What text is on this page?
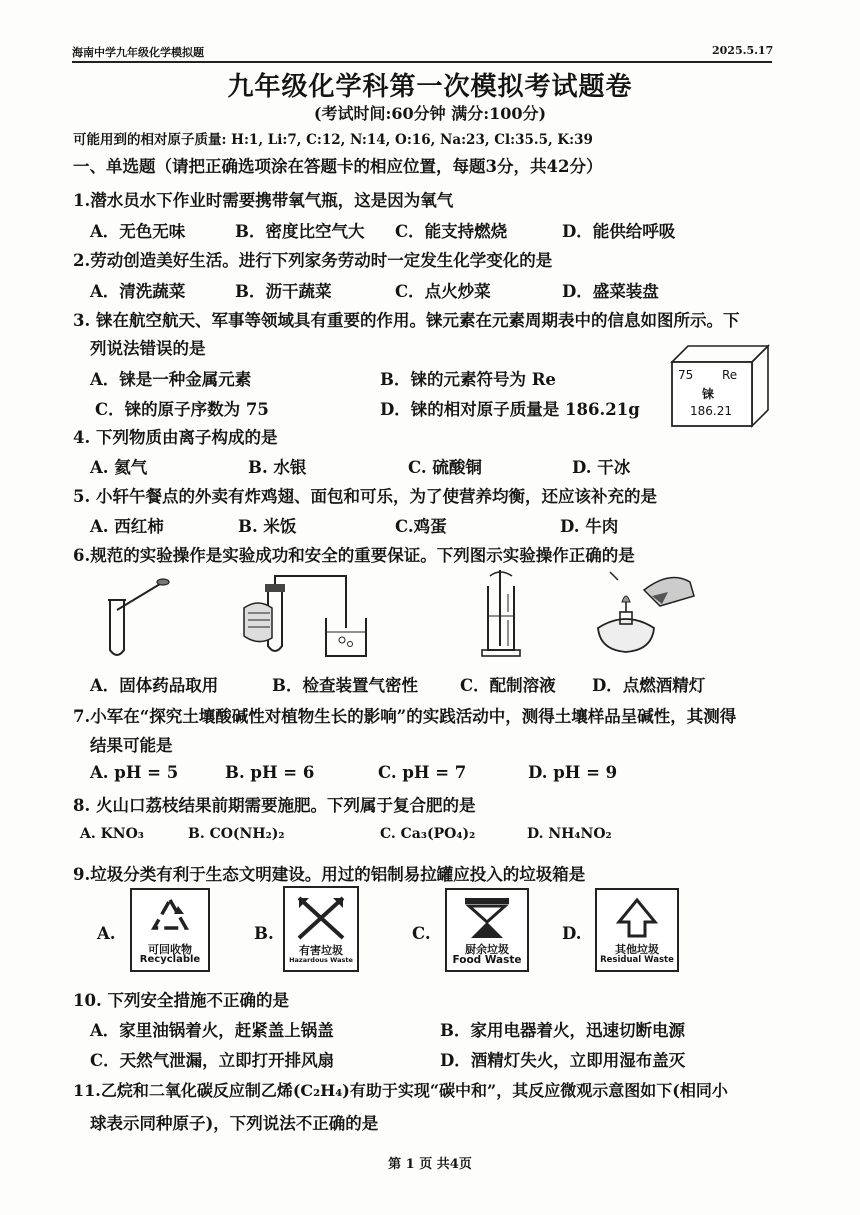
海南中学九年级化学模拟题	2025.5.17
九年级化学科第一次模拟考试题卷
(考试时间:60分钟 满分:100分)
可能用到的相对原子质量: H:1, Li:7, C:12, N:14, O:16, Na:23, Cl:35.5, K:39
一、单选题（请把正确选项涂在答题卡的相应位置，每题3分，共42分）
1.潜水员水下作业时需要携带氧气瓶，这是因为氧气
A．无色无味	B．密度比空气大 C．能支持燃烧	D．能供给呼吸
2.劳动创造美好生活。进行下列家务劳动时一定发生化学变化的是
A．清洗蔬菜	B．沥干蔬菜	C．点火炒菜	D．盛菜装盘
3. 铼在航空航天、军事等领域具有重要的作用。铼元素在元素周期表中的信息如图所示。下
列说法错误的是
A．铼是一种金属元素	B．铼的元素符号为 Re
C．铼的原子序数为 75	D．铼的相对原子质量是 186.21g
75 Re
铼
186.21
4. 下列物质由离子构成的是
A. 氦气	B. 水银	C. 硫酸铜	D. 干冰
5. 小轩午餐点的外卖有炸鸡翅、面包和可乐，为了使营养均衡，还应该补充的是
A. 西红柿	B. 米饭	C.鸡蛋	D. 牛肉
6.规范的实验操作是实验成功和安全的重要保证。下列图示实验操作正确的是
A．固体药品取用	B．检查装置气密性	C．配制溶液 D．点燃酒精灯
7.小军在“探究土壤酸碱性对植物生长的影响”的实践活动中，测得土壤样品呈碱性，其测得
结果可能是
A. pH = 5	B. pH = 6	C. pH = 7	D. pH = 9
8. 火山口荔枝结果前期需要施肥。下列属于复合肥的是
A. KNO₃	B. CO(NH₂)₂	C. Ca₃(PO₄)₂	D. NH₄NO₂
9.垃圾分类有利于生态文明建设。用过的铝制易拉罐应投入的垃圾箱是
A.
可回收物
Recyclable
B.
有害垃圾
Hazardous Waste
C.
厨余垃圾
Food Waste
D.
其他垃圾
Residual Waste
10. 下列安全措施不正确的是
A．家里油锅着火，赶紧盖上锅盖	B．家用电器着火，迅速切断电源
C．天然气泄漏，立即打开排风扇	D．酒精灯失火，立即用湿布盖灭
11.乙烷和二氧化碳反应制乙烯(C₂H₄)有助于实现“碳中和”，其反应微观示意图如下(相同小
球表示同种原子)，下列说法不正确的是
第 1 页 共4页
